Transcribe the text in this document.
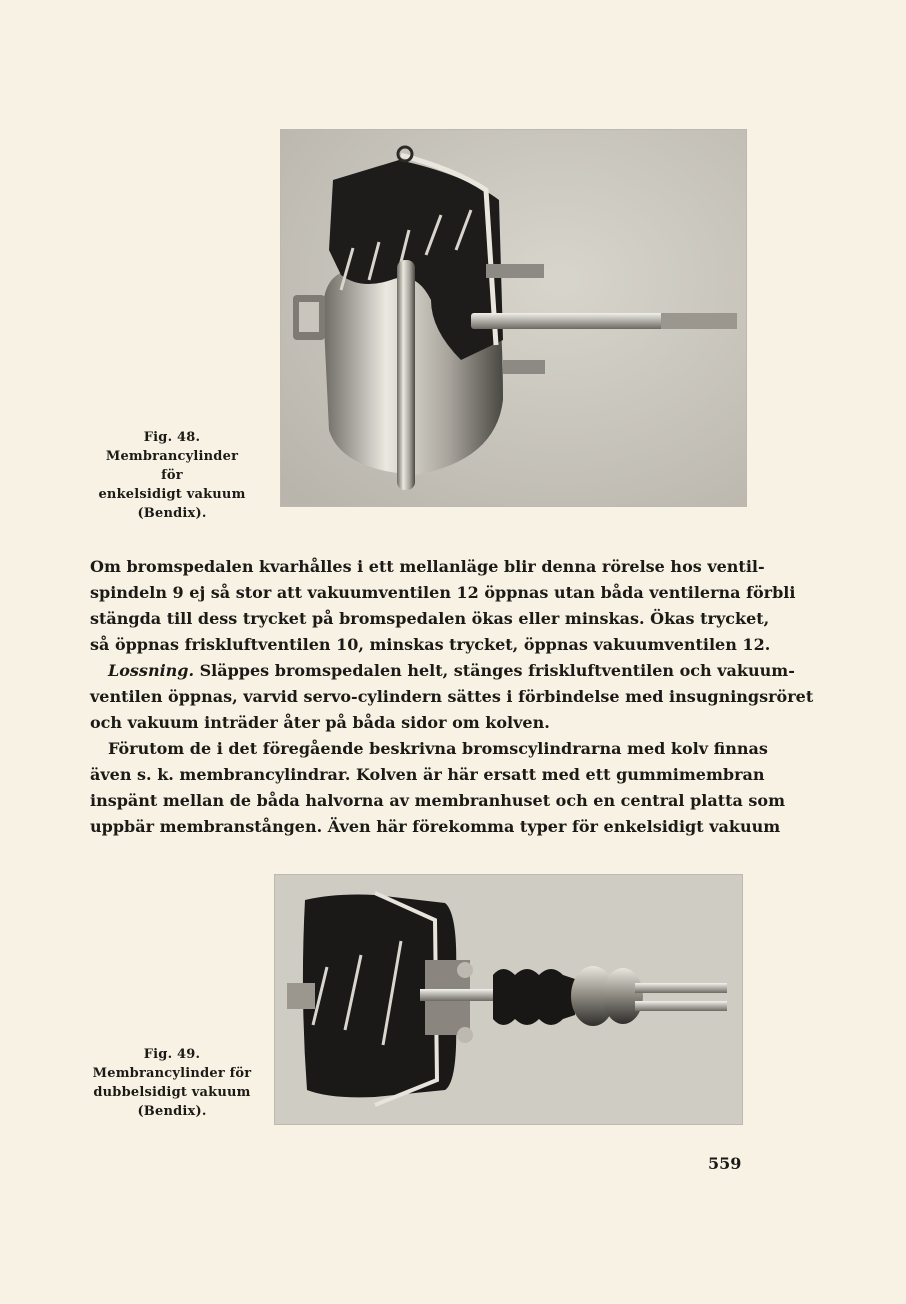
Fig. 48.
Membrancylinder för
enkelsidigt vakuum
(Bendix).
Om bromspedalen kvarhålles i ett mellanläge blir denna rörelse hos ventil-
spindeln 9 ej så stor att vakuumventilen 12 öppnas utan båda ventilerna förbli
stängda till dess trycket på bromspedalen ökas eller minskas. Ökas trycket,
så öppnas friskluftventilen 10, minskas trycket, öppnas vakuumventilen 12.
Lossning. Släppes bromspedalen helt, stänges friskluftventilen och vakuum-
ventilen öppnas, varvid servo-cylindern sättes i förbindelse med insugningsröret
och vakuum inträder åter på båda sidor om kolven.
Förutom de i det föregående beskrivna bromscylindrarna med kolv finnas
även s. k. membrancylindrar. Kolven är här ersatt med ett gummimembran
inspänt mellan de båda halvorna av membranhuset och en central platta som
uppbär membranstången. Även här förekomma typer för enkelsidigt vakuum
Fig. 49.
Membrancylinder för
dubbelsidigt vakuum
(Bendix).
559
